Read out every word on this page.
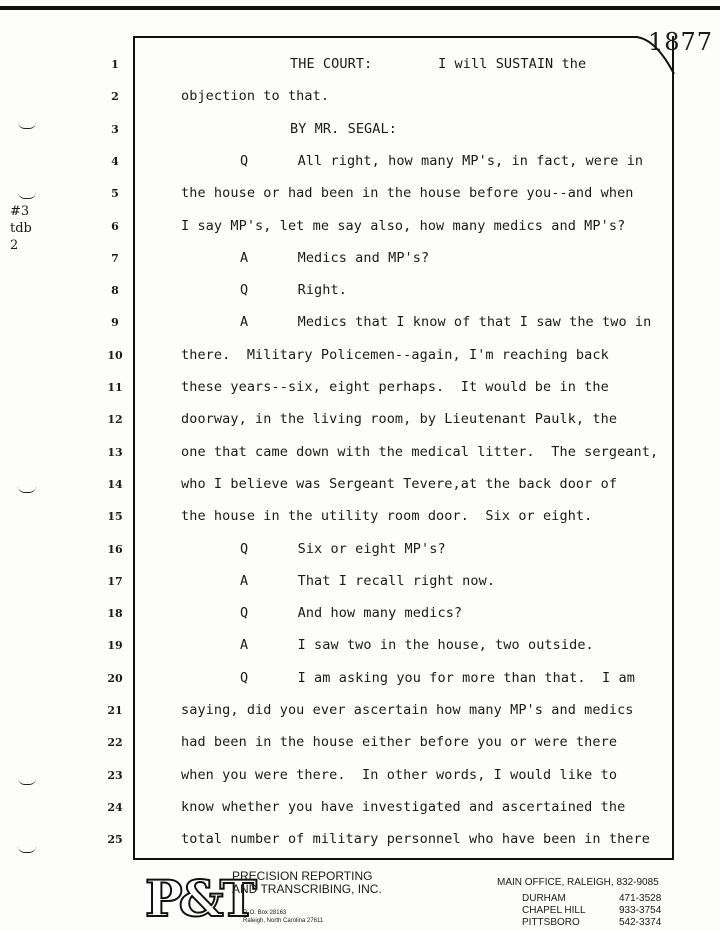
1877
#3
tdb
2
1	THE COURT:        I will SUSTAIN the
2	objection to that.
3	BY MR. SEGAL:
4	Q      All right, how many MP's, in fact, were in
5	the house or had been in the house before you--and when
6	I say MP's, let me say also, how many medics and MP's?
7	A      Medics and MP's?
8	Q      Right.
9	A      Medics that I know of that I saw the two in
10	there.  Military Policemen--again, I'm reaching back
11	these years--six, eight perhaps.  It would be in the
12	doorway, in the living room, by Lieutenant Paulk, the
13	one that came down with the medical litter.  The sergeant,
14	who I believe was Sergeant Tevere,at the back door of
15	the house in the utility room door.  Six or eight.
16	Q      Six or eight MP's?
17	A      That I recall right now.
18	Q      And how many medics?
19	A      I saw two in the house, two outside.
20	Q      I am asking you for more than that.  I am
21	saying, did you ever ascertain how many MP's and medics
22	had been in the house either before you or were there
23	when you were there.  In other words, I would like to
24	know whether you have investigated and ascertained the
25	total number of military personnel who have been in there
P&T
PRECISION REPORTING
AND TRANSCRIBING, INC.
P. O. Box 28163
Raleigh, North Carolina 27611
MAIN OFFICE, RALEIGH, 832-9085
DURHAM	471-3528
CHAPEL HILL	933-3754
PITTSBORO	542-3374
